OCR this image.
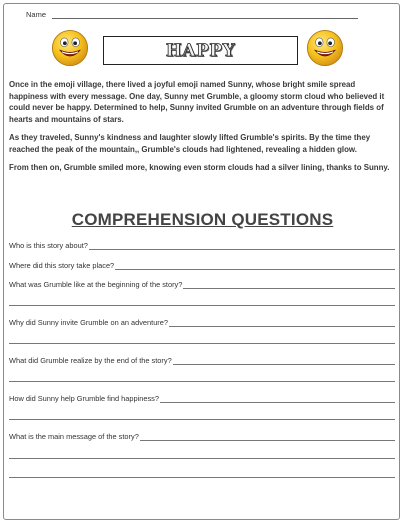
Name
HAPPY

Once in the emoji village, there lived a joyful emoji named Sunny, whose bright smile spread happiness with every message. One day, Sunny met Grumble, a gloomy storm cloud who believed it could never be happy. Determined to help, Sunny invited Grumble on an adventure through fields of hearts and mountains of stars.

As they traveled, Sunny's kindness and laughter slowly lifted Grumble's spirits. By the time they reached the peak of the mountain,, Grumble's clouds had lightened, revealing a hidden glow.

From then on, Grumble smiled more, knowing even storm clouds had a silver lining, thanks to Sunny.

COMPREHENSION QUESTIONS
Who is this story about?
Where did this story take place?
What was Grumble like at the beginning of the story?
Why did Sunny invite Grumble on an adventure?
What did Grumble realize by the end of the story?
How did Sunny help Grumble find happiness?
What is the main message of the story?
